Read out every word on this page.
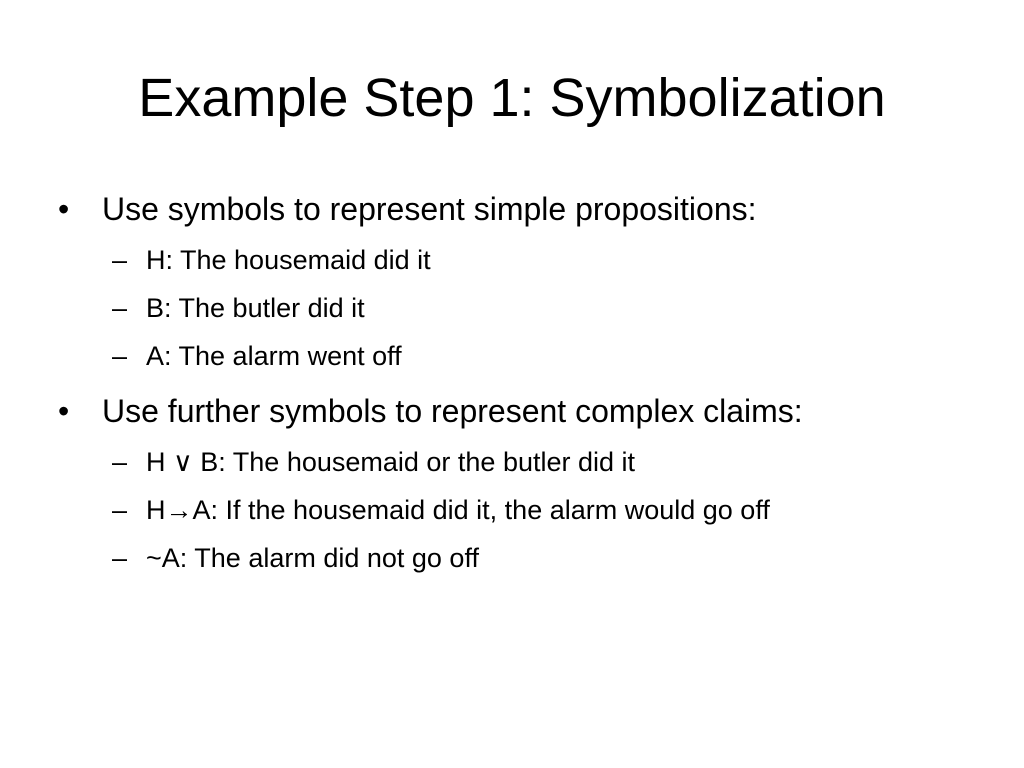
Example Step 1: Symbolization
•	Use symbols to represent simple propositions:
– H: The housemaid did it
– B: The butler did it
– A: The alarm went off
•	Use further symbols to represent complex claims:
– H ∨ B: The housemaid or the butler did it
– H→A: If the housemaid did it, the alarm would go off
– ~A: The alarm did not go off
